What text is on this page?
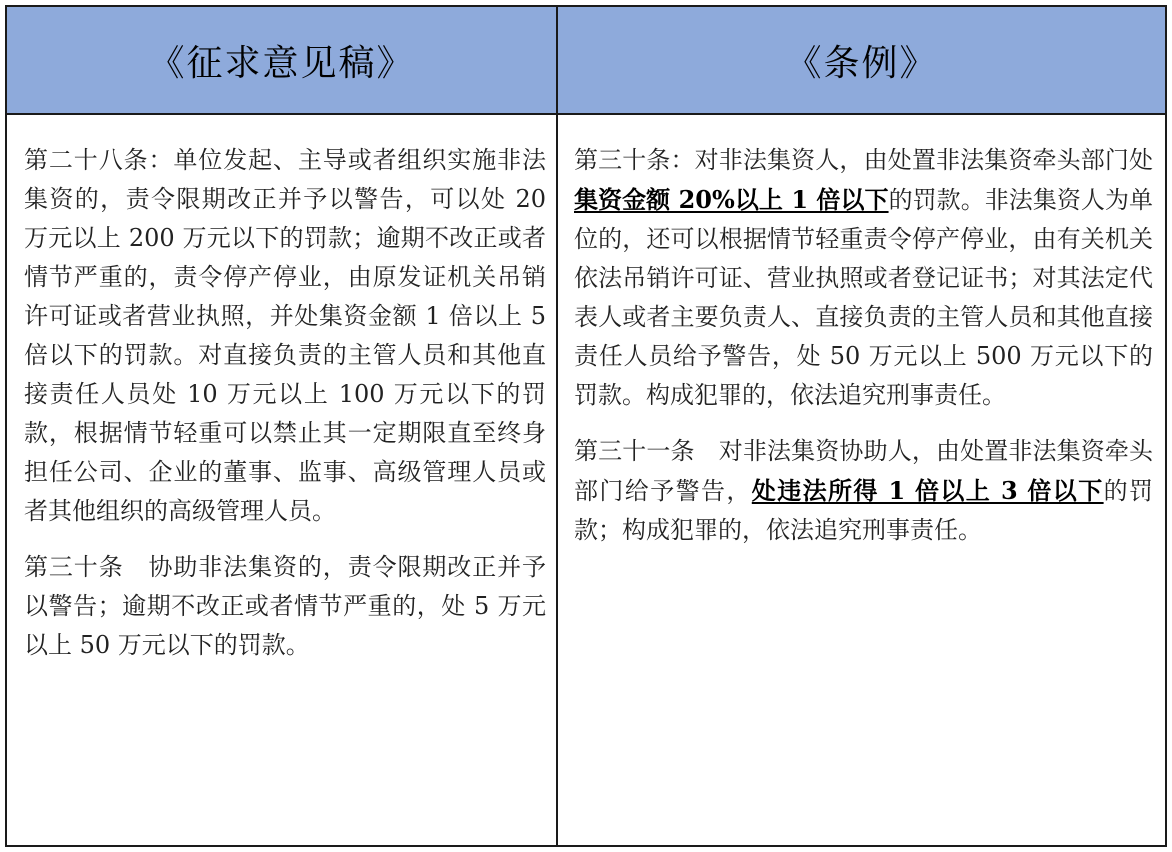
《征求意见稿》	《条例》

第二十八条：单位发起、主导或者组织实施非法集资的，责令限期改正并予以警告，可以处 20 万元以上 200 万元以下的罚款；逾期不改正或者情节严重的，责令停产停业，由原发证机关吊销许可证或者营业执照，并处集资金额 1 倍以上 5 倍以下的罚款。对直接负责的主管人员和其他直接责任人员处 10 万元以上 100 万元以下的罚款，根据情节轻重可以禁止其一定期限直至终身担任公司、企业的董事、监事、高级管理人员或者其他组织的高级管理人员。

第三十条　协助非法集资的，责令限期改正并予以警告；逾期不改正或者情节严重的，处 5 万元以上 50 万元以下的罚款。

第三十条：对非法集资人，由处置非法集资牵头部门处集资金额 20%以上 1 倍以下的罚款。非法集资人为单位的，还可以根据情节轻重责令停产停业，由有关机关依法吊销许可证、营业执照或者登记证书；对其法定代表人或者主要负责人、直接负责的主管人员和其他直接责任人员给予警告，处 50 万元以上 500 万元以下的罚款。构成犯罪的，依法追究刑事责任。

第三十一条　对非法集资协助人，由处置非法集资牵头部门给予警告，处违法所得 1 倍以上 3 倍以下的罚款；构成犯罪的，依法追究刑事责任。
